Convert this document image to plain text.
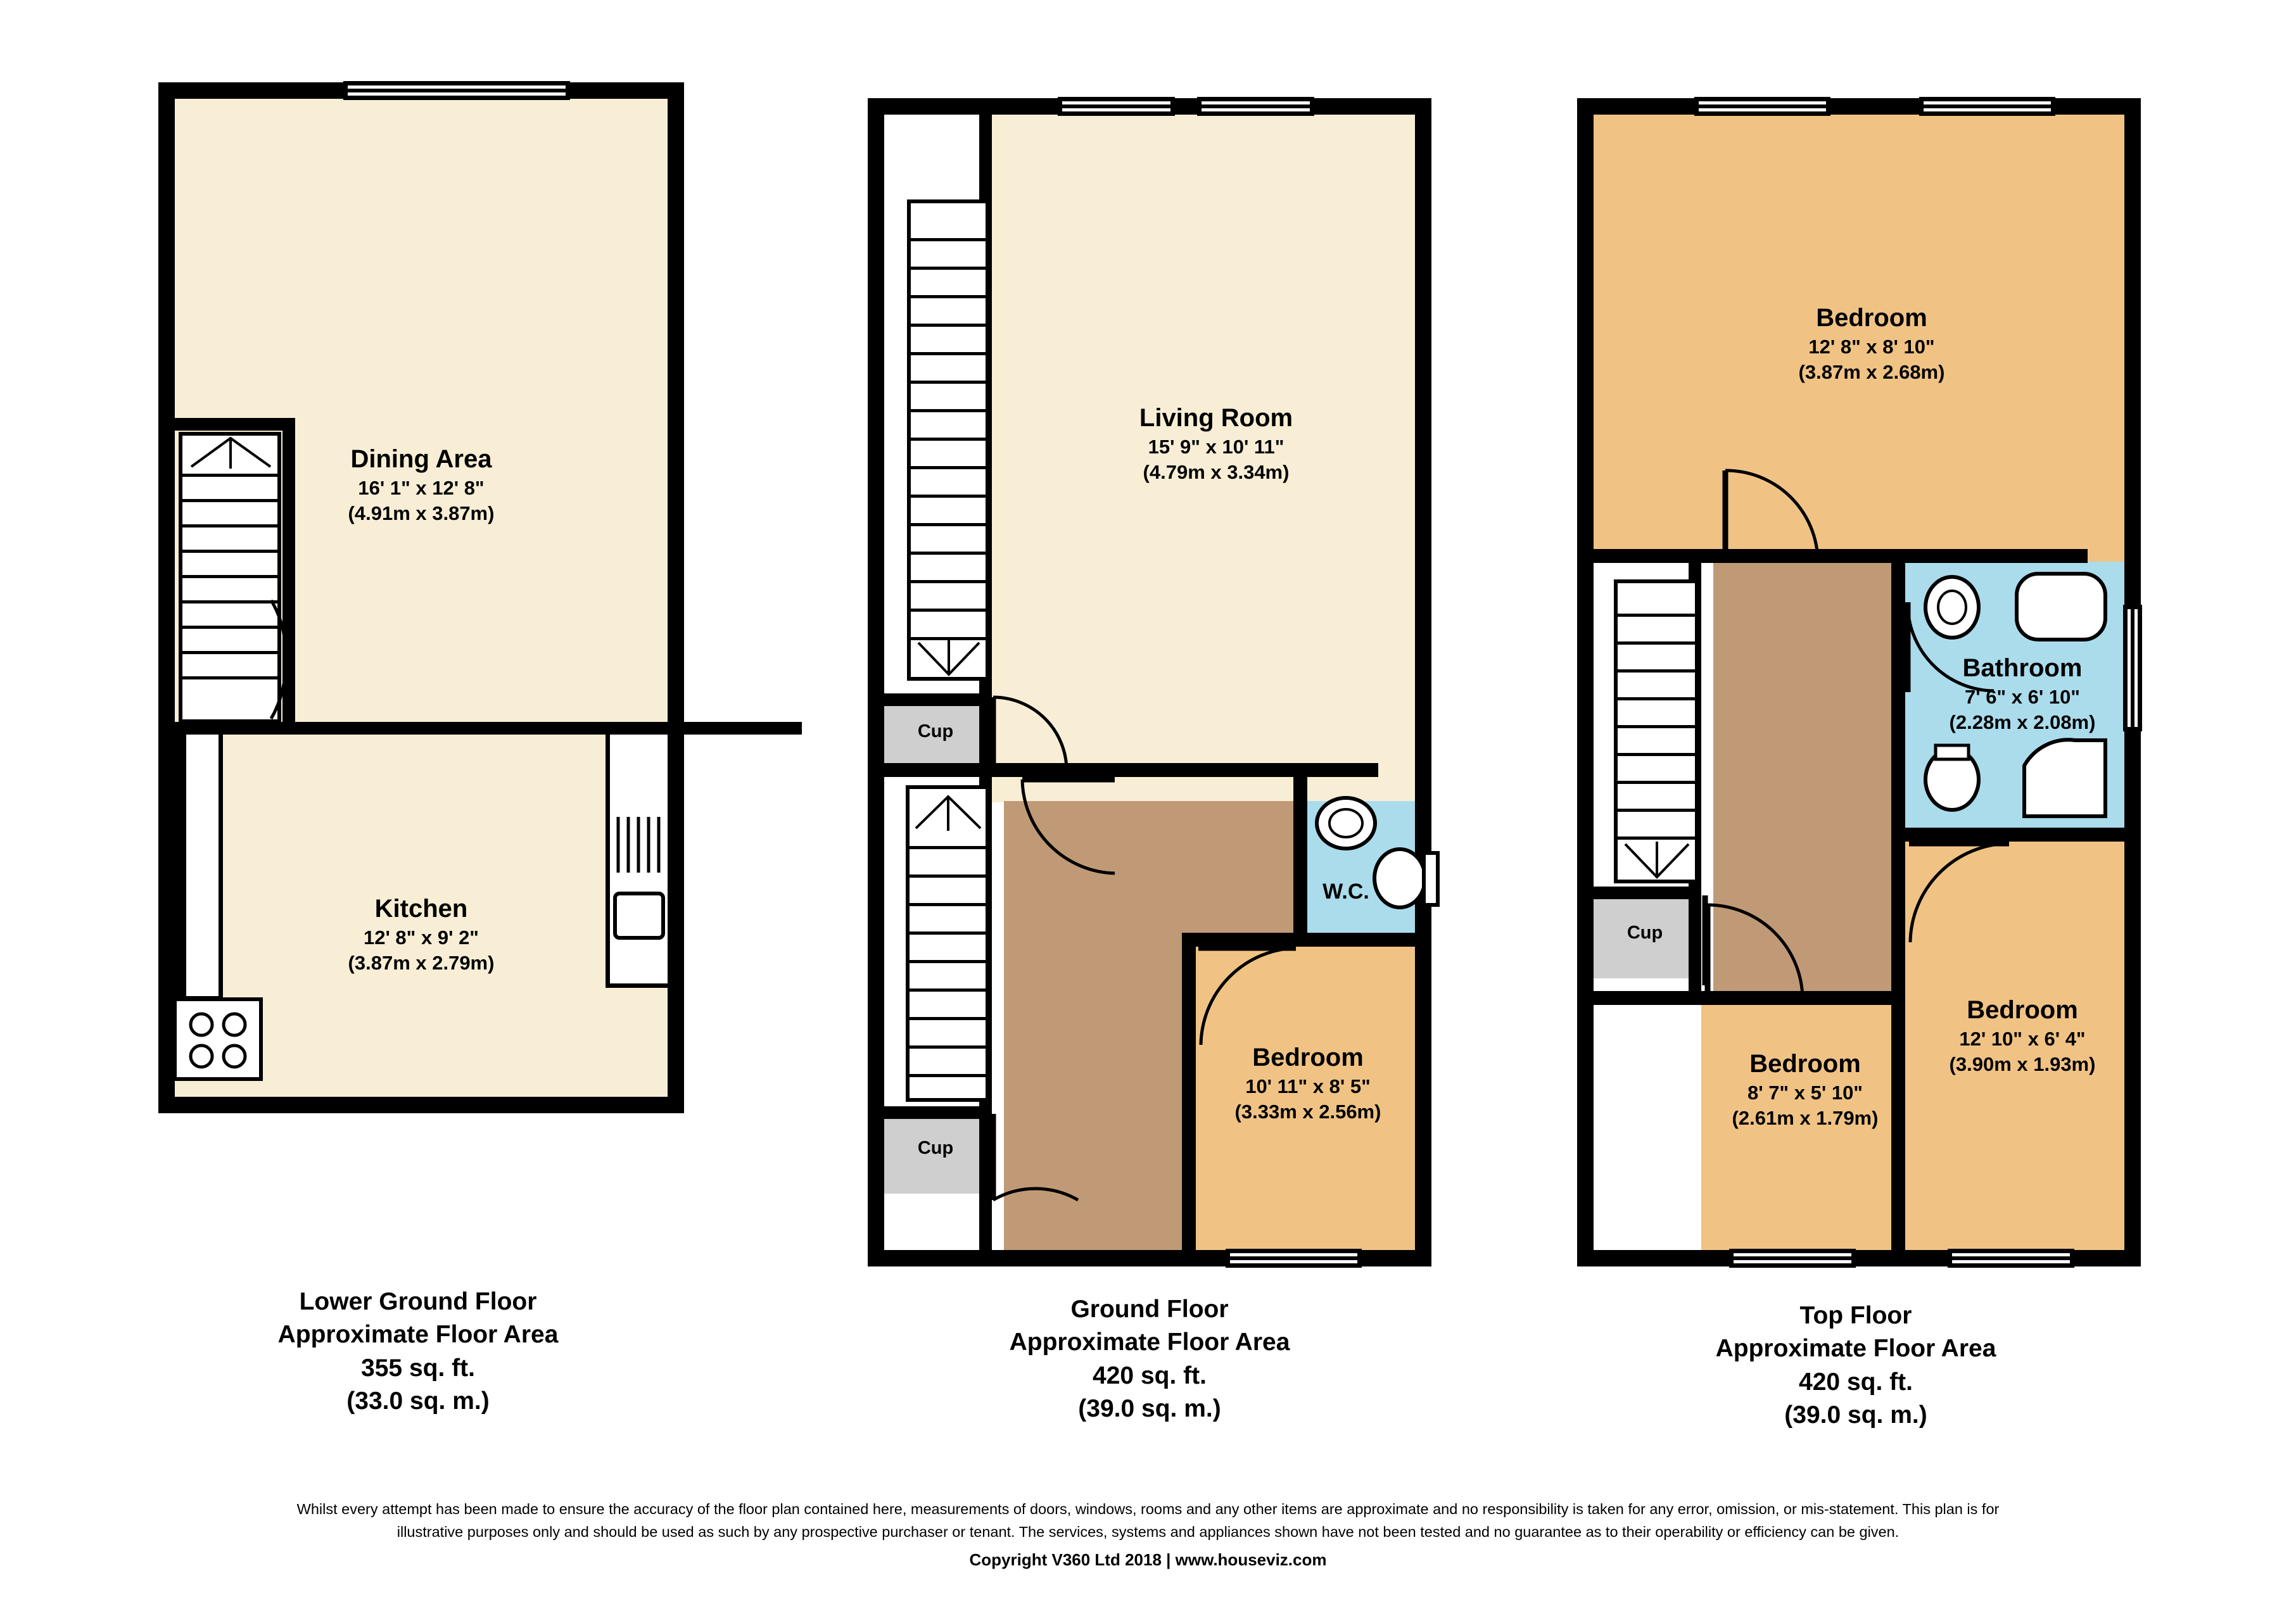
Dining Area
16' 1" x 12' 8"
(4.91m x 3.87m)
Kitchen
12' 8" x 9' 2"
(3.87m x 2.79m)
Lower Ground Floor
Approximate Floor Area
355 sq. ft.
(33.0 sq. m.)
Living Room
15' 9" x 10' 11"
(4.79m x 3.34m)
W.C.
Bedroom
10' 11" x 8' 5"
(3.33m x 2.56m)
Cup
Cup
Ground Floor
Approximate Floor Area
420 sq. ft.
(39.0 sq. m.)
Bedroom
12' 8" x 8' 10"
(3.87m x 2.68m)
Bathroom
7' 6" x 6' 10"
(2.28m x 2.08m)
Bedroom
12' 10" x 6' 4"
(3.90m x 1.93m)
Bedroom
8' 7" x 5' 10"
(2.61m x 1.79m)
Cup
Top Floor
Approximate Floor Area
420 sq. ft.
(39.0 sq. m.)
Whilst every attempt has been made to ensure the accuracy of the floor plan contained here, measurements of doors, windows, rooms and any other items are approximate and no responsibility is taken for any error, omission, or mis-statement. This plan is for
illustrative purposes only and should be used as such by any prospective purchaser or tenant. The services, systems and appliances shown have not been tested and no guarantee as to their operability or efficiency can be given.
Copyright V360 Ltd 2018 | www.houseviz.com
